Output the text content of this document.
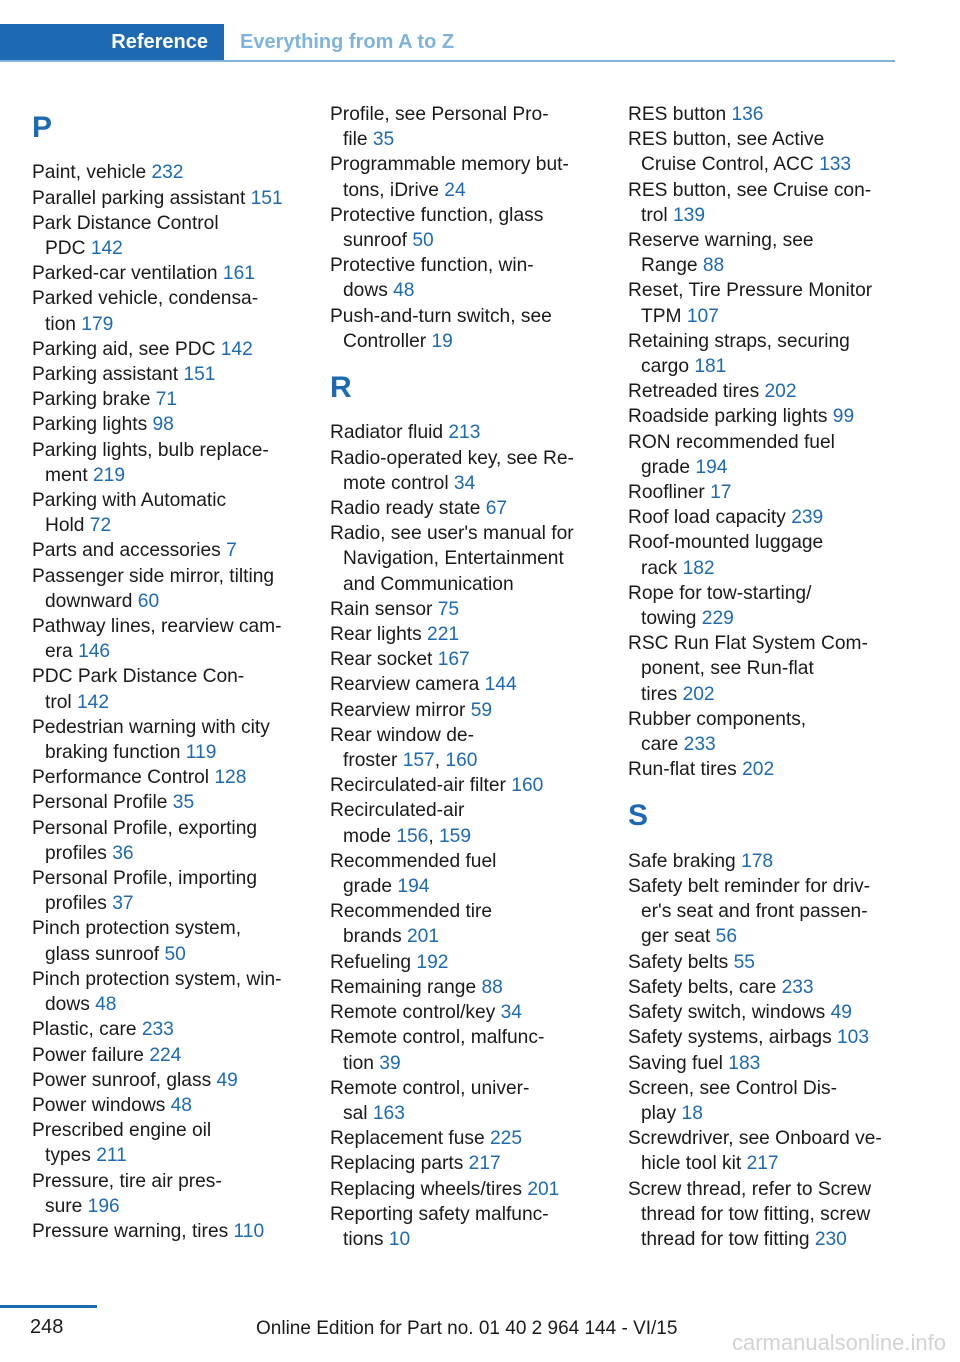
Reference	Everything from A to Z
P
Paint, vehicle 232
Parallel parking assistant 151
Park Distance Control
PDC 142
Parked-car ventilation 161
Parked vehicle, condensa‐
tion 179
Parking aid, see PDC 142
Parking assistant 151
Parking brake 71
Parking lights 98
Parking lights, bulb replace‐
ment 219
Parking with Automatic
Hold 72
Parts and accessories 7
Passenger side mirror, tilting
downward 60
Pathway lines, rearview cam‐
era 146
PDC Park Distance Con‐
trol 142
Pedestrian warning with city
braking function 119
Performance Control 128
Personal Profile 35
Personal Profile, exporting
profiles 36
Personal Profile, importing
profiles 37
Pinch protection system,
glass sunroof 50
Pinch protection system, win‐
dows 48
Plastic, care 233
Power failure 224
Power sunroof, glass 49
Power windows 48
Prescribed engine oil
types 211
Pressure, tire air pres‐
sure 196
Pressure warning, tires 110
Profile, see Personal Pro‐
file 35
Programmable memory but‐
tons, iDrive 24
Protective function, glass
sunroof 50
Protective function, win‐
dows 48
Push-and-turn switch, see
Controller 19
R
Radiator fluid 213
Radio-operated key, see Re‐
mote control 34
Radio ready state 67
Radio, see user's manual for
Navigation, Entertainment
and Communication
Rain sensor 75
Rear lights 221
Rear socket 167
Rearview camera 144
Rearview mirror 59
Rear window de‐
froster 157, 160
Recirculated-air filter 160
Recirculated-air
mode 156, 159
Recommended fuel
grade 194
Recommended tire
brands 201
Refueling 192
Remaining range 88
Remote control/key 34
Remote control, malfunc‐
tion 39
Remote control, univer‐
sal 163
Replacement fuse 225
Replacing parts 217
Replacing wheels/tires 201
Reporting safety malfunc‐
tions 10
RES button 136
RES button, see Active
Cruise Control, ACC 133
RES button, see Cruise con‐
trol 139
Reserve warning, see
Range 88
Reset, Tire Pressure Monitor
TPM 107
Retaining straps, securing
cargo 181
Retreaded tires 202
Roadside parking lights 99
RON recommended fuel
grade 194
Roofliner 17
Roof load capacity 239
Roof-mounted luggage
rack 182
Rope for tow-starting/
towing 229
RSC Run Flat System Com‐
ponent, see Run-flat
tires 202
Rubber components,
care 233
Run-flat tires 202
S
Safe braking 178
Safety belt reminder for driv‐
er's seat and front passen‐
ger seat 56
Safety belts 55
Safety belts, care 233
Safety switch, windows 49
Safety systems, airbags 103
Saving fuel 183
Screen, see Control Dis‐
play 18
Screwdriver, see Onboard ve‐
hicle tool kit 217
Screw thread, refer to Screw
thread for tow fitting, screw
thread for tow fitting 230
248	Online Edition for Part no. 01 40 2 964 144 - VI/15
carmanualsonline.info
